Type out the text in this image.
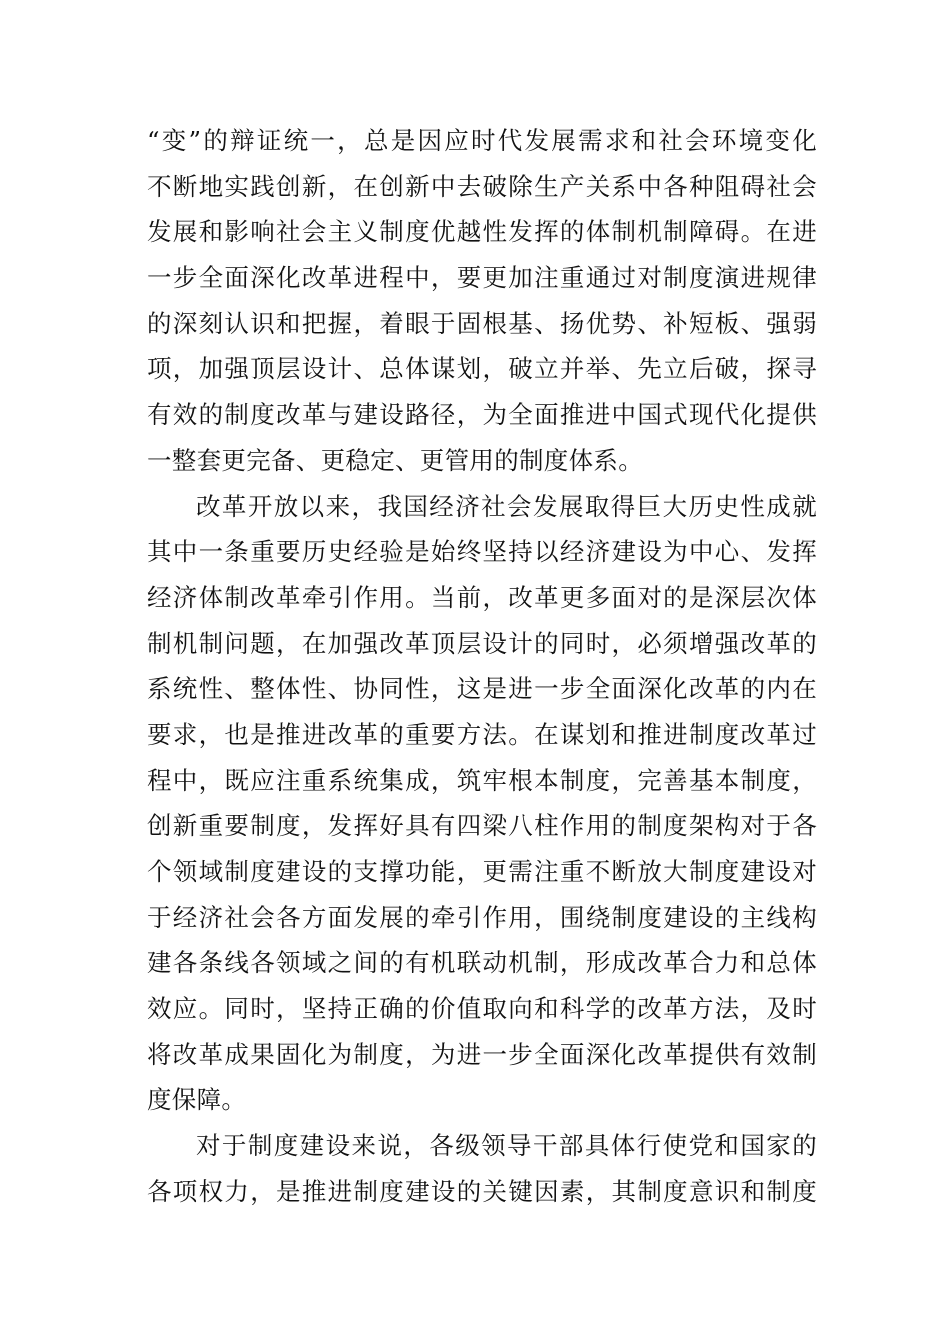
“变”的辩证统一，总是因应时代发展需求和社会环境变化
不断地实践创新，在创新中去破除生产关系中各种阻碍社会
发展和影响社会主义制度优越性发挥的体制机制障碍。在进
一步全面深化改革进程中，要更加注重通过对制度演进规律
的深刻认识和把握，着眼于固根基、扬优势、补短板、强弱
项，加强顶层设计、总体谋划，破立并举、先立后破，探寻
有效的制度改革与建设路径，为全面推进中国式现代化提供
一整套更完备、更稳定、更管用的制度体系。
改革开放以来，我国经济社会发展取得巨大历史性成就
其中一条重要历史经验是始终坚持以经济建设为中心、发挥
经济体制改革牵引作用。当前，改革更多面对的是深层次体
制机制问题，在加强改革顶层设计的同时，必须增强改革的
系统性、整体性、协同性，这是进一步全面深化改革的内在
要求，也是推进改革的重要方法。在谋划和推进制度改革过
程中，既应注重系统集成，筑牢根本制度，完善基本制度，
创新重要制度，发挥好具有四梁八柱作用的制度架构对于各
个领域制度建设的支撑功能，更需注重不断放大制度建设对
于经济社会各方面发展的牵引作用，围绕制度建设的主线构
建各条线各领域之间的有机联动机制，形成改革合力和总体
效应。同时，坚持正确的价值取向和科学的改革方法，及时
将改革成果固化为制度，为进一步全面深化改革提供有效制
度保障。
对于制度建设来说，各级领导干部具体行使党和国家的
各项权力，是推进制度建设的关键因素，其制度意识和制度
